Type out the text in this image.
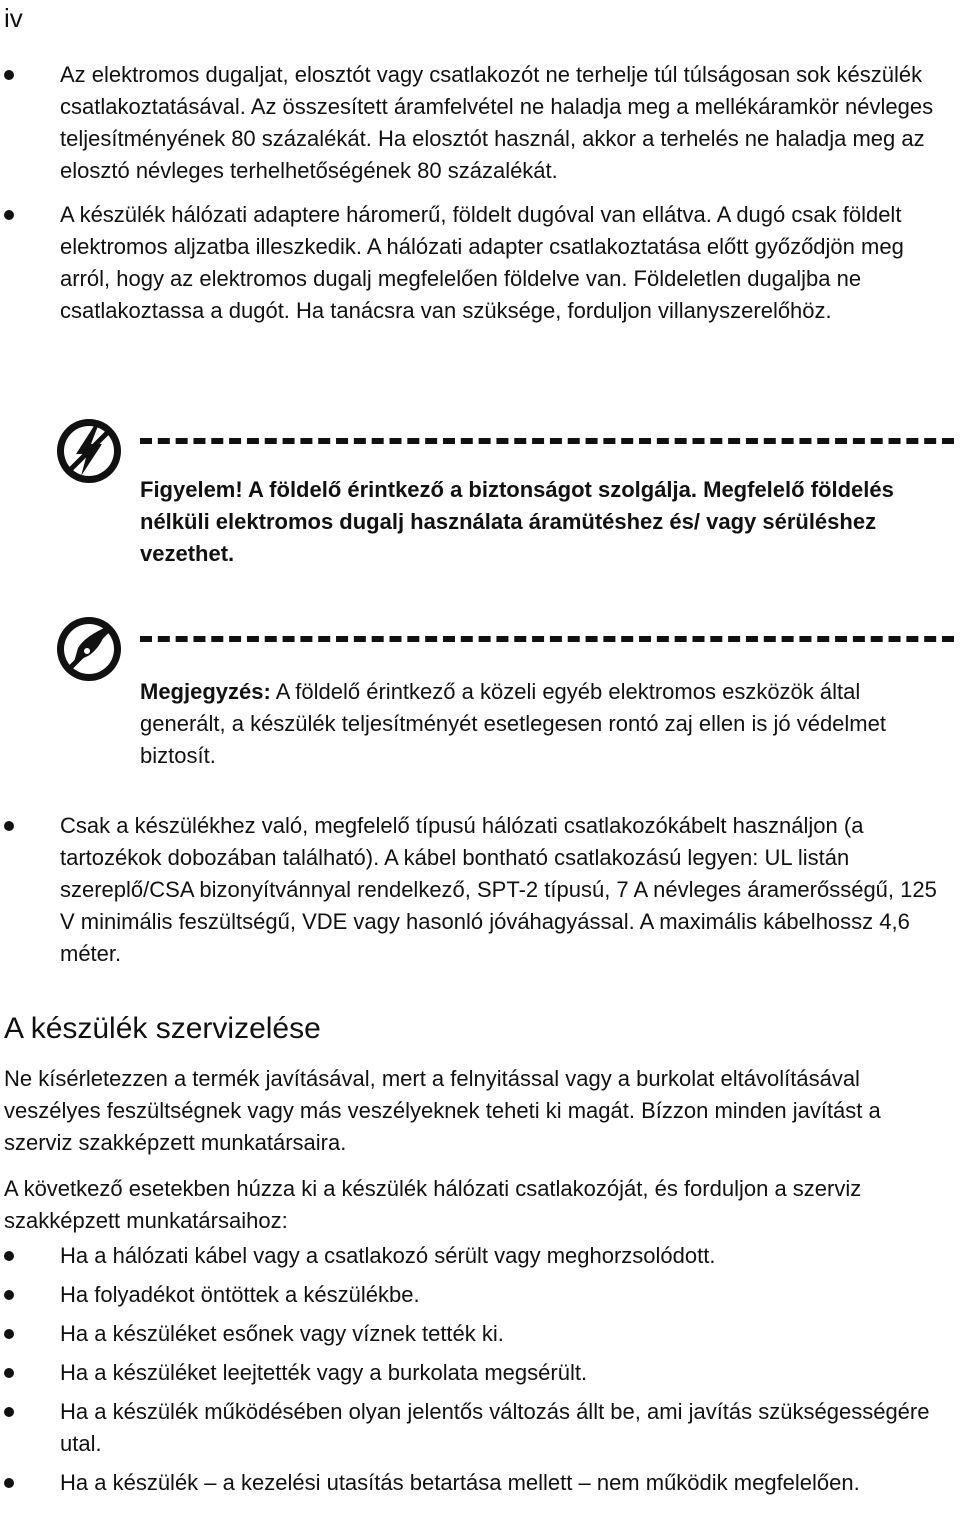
iv
Az elektromos dugaljat, elosztót vagy csatlakozót ne terhelje túl túlságosan sok készülék csatlakoztatásával. Az összesített áramfelvétel ne haladja meg a mellékáramkör névleges teljesítményének 80 százalékát. Ha elosztót használ, akkor a terhelés ne haladja meg az elosztó névleges terhelhetőségének 80 százalékát.
A készülék hálózati adaptere háromerű, földelt dugóval van ellátva. A dugó csak földelt elektromos aljzatba illeszkedik. A hálózati adapter csatlakoztatása előtt győződjön meg arról, hogy az elektromos dugalj megfelelően földelve van. Földeletlen dugaljba ne csatlakoztassa a dugót. Ha tanácsra van szüksége, forduljon villanyszerelőhöz.
Figyelem! A földelő érintkező a biztonságot szolgálja. Megfelelő földelés nélküli elektromos dugalj használata áramütéshez és/ vagy sérüléshez vezethet.
Megjegyzés: A földelő érintkező a közeli egyéb elektromos eszközök által generált, a készülék teljesítményét esetlegesen rontó zaj ellen is jó védelmet biztosít.
Csak a készülékhez való, megfelelő típusú hálózati csatlakozókábelt használjon (a tartozékok dobozában található). A kábel bontható csatlakozású legyen: UL listán szereplő/CSA bizonyítvánnyal rendelkező, SPT-2 típusú, 7 A névleges áramerősségű, 125 V minimális feszültségű, VDE vagy hasonló jóváhagyással. A maximális kábelhossz 4,6 méter.
A készülék szervizelése

Ne kísérletezzen a termék javításával, mert a felnyitással vagy a burkolat eltávolításával veszélyes feszültségnek vagy más veszélyeknek teheti ki magát. Bízzon minden javítást a szerviz szakképzett munkatársaira.

A következő esetekben húzza ki a készülék hálózati csatlakozóját, és forduljon a szerviz szakképzett munkatársaihoz:

Ha a hálózati kábel vagy a csatlakozó sérült vagy meghorzsolódott.
Ha folyadékot öntöttek a készülékbe.
Ha a készüléket esőnek vagy víznek tették ki.
Ha a készüléket leejtették vagy a burkolata megsérült.
Ha a készülék működésében olyan jelentős változás állt be, ami javítás szükségességére utal.
Ha a készülék – a kezelési utasítás betartása mellett – nem működik megfelelően.
